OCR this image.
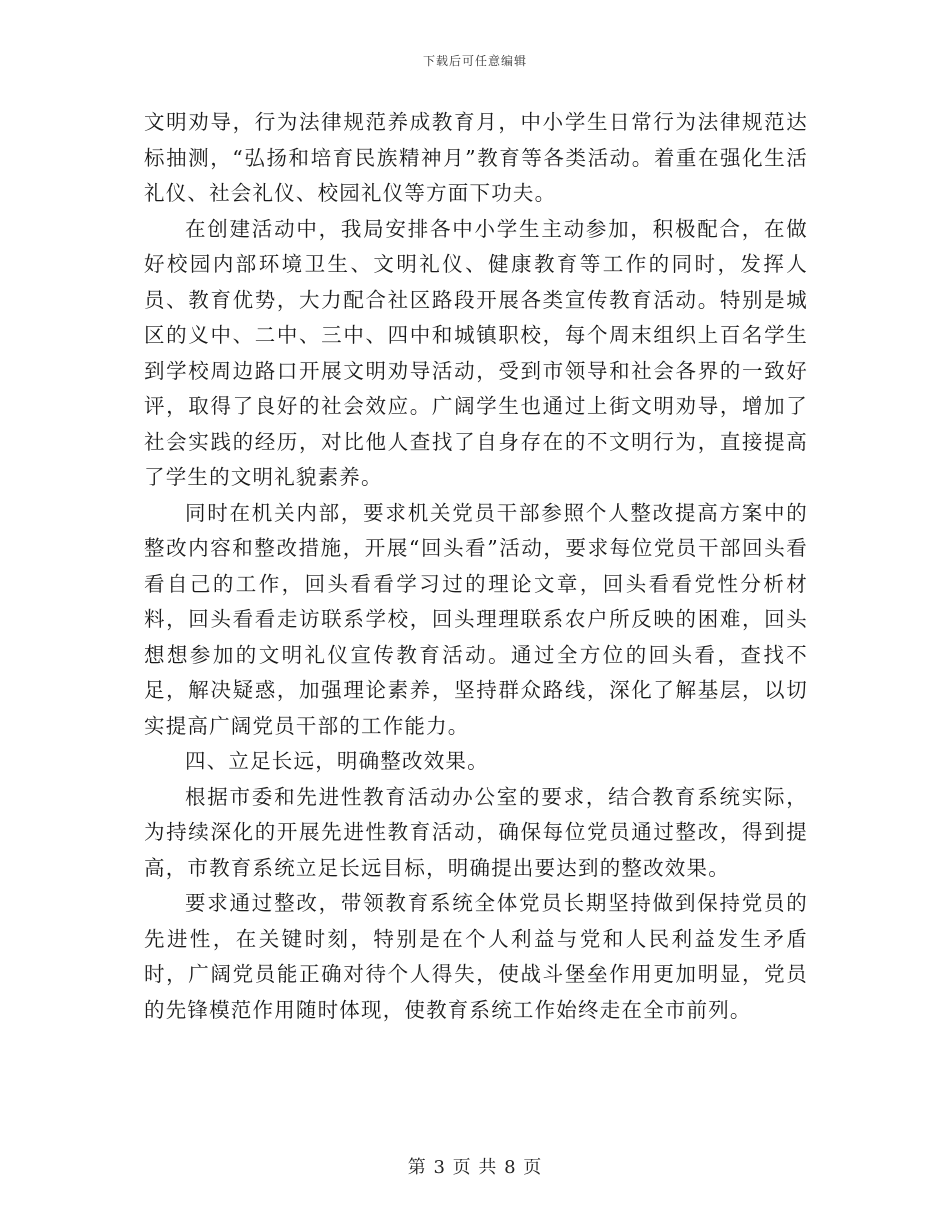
下载后可任意编辑

文明劝导，行为法律规范养成教育月，中小学生日常行为法律规范达标抽测，“弘扬和培育民族精神月”教育等各类活动。着重在强化生活礼仪、社会礼仪、校园礼仪等方面下功夫。

在创建活动中，我局安排各中小学生主动参加，积极配合，在做好校园内部环境卫生、文明礼仪、健康教育等工作的同时，发挥人员、教育优势，大力配合社区路段开展各类宣传教育活动。特别是城区的义中、二中、三中、四中和城镇职校，每个周末组织上百名学生到学校周边路口开展文明劝导活动，受到市领导和社会各界的一致好评，取得了良好的社会效应。广阔学生也通过上街文明劝导，增加了社会实践的经历，对比他人查找了自身存在的不文明行为，直接提高了学生的文明礼貌素养。

同时在机关内部，要求机关党员干部参照个人整改提高方案中的整改内容和整改措施，开展“回头看”活动，要求每位党员干部回头看看自己的工作，回头看看学习过的理论文章，回头看看党性分析材料，回头看看走访联系学校，回头理理联系农户所反映的困难，回头想想参加的文明礼仪宣传教育活动。通过全方位的回头看，查找不足，解决疑惑，加强理论素养，坚持群众路线，深化了解基层，以切实提高广阔党员干部的工作能力。

四、立足长远，明确整改效果。

根据市委和先进性教育活动办公室的要求，结合教育系统实际，为持续深化的开展先进性教育活动，确保每位党员通过整改，得到提高，市教育系统立足长远目标，明确提出要达到的整改效果。

要求通过整改，带领教育系统全体党员长期坚持做到保持党员的先进性，在关键时刻，特别是在个人利益与党和人民利益发生矛盾时，广阔党员能正确对待个人得失，使战斗堡垒作用更加明显，党员的先锋模范作用随时体现，使教育系统工作始终走在全市前列。

第 3 页 共 8 页
